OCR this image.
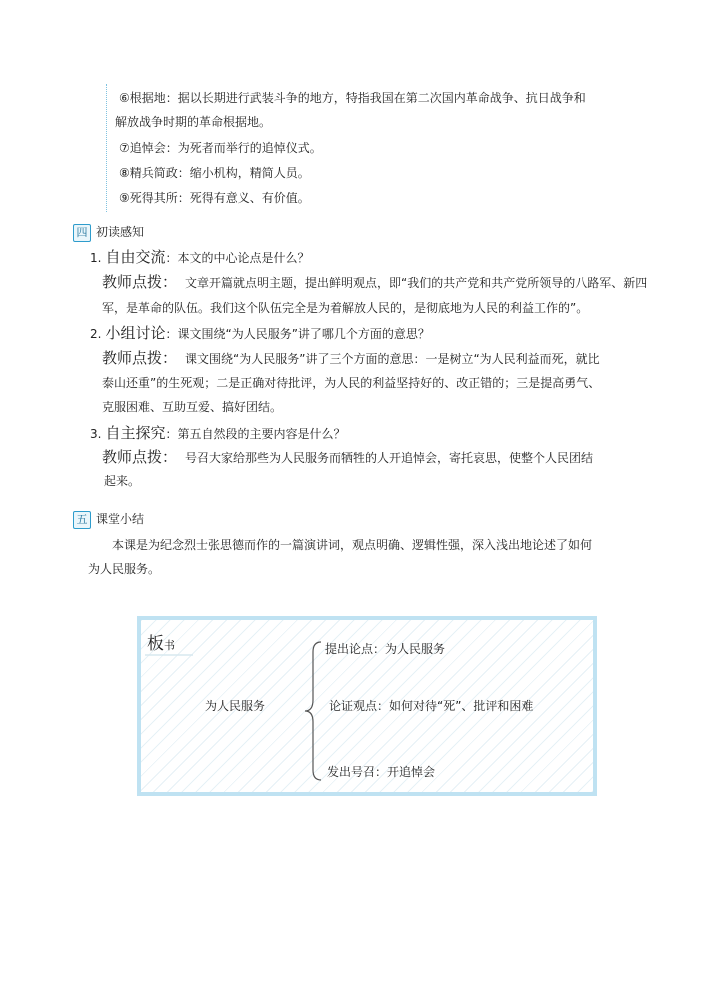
⑥根据地：据以长期进行武装斗争的地方，特指我国在第二次国内革命战争、抗日战争和
解放战争时期的革命根据地。
⑦追悼会：为死者而举行的追悼仪式。
⑧精兵简政：缩小机构，精简人员。
⑨死得其所：死得有意义、有价值。
四 初读感知
1. 自由交流：本文的中心论点是什么？
教师点拨： 文章开篇就点明主题，提出鲜明观点，即“我们的共产党和共产党所领导的八路军、新四
军，是革命的队伍。我们这个队伍完全是为着解放人民的，是彻底地为人民的利益工作的”。
2. 小组讨论：课文围绕“为人民服务”讲了哪几个方面的意思？
教师点拨： 课文围绕“为人民服务”讲了三个方面的意思：一是树立“为人民利益而死，就比
泰山还重”的生死观；二是正确对待批评，为人民的利益坚持好的、改正错的；三是提高勇气、
克服困难、互助互爱、搞好团结。
3. 自主探究：第五自然段的主要内容是什么？
教师点拨： 号召大家给那些为人民服务而牺牲的人开追悼会，寄托哀思，使整个人民团结
起来。
五 课堂小结
本课是为纪念烈士张思德而作的一篇演讲词，观点明确、逻辑性强，深入浅出地论述了如何
为人民服务。
板书
为人民服务
提出论点：为人民服务
论证观点：如何对待“死”、批评和困难
发出号召：开追悼会
